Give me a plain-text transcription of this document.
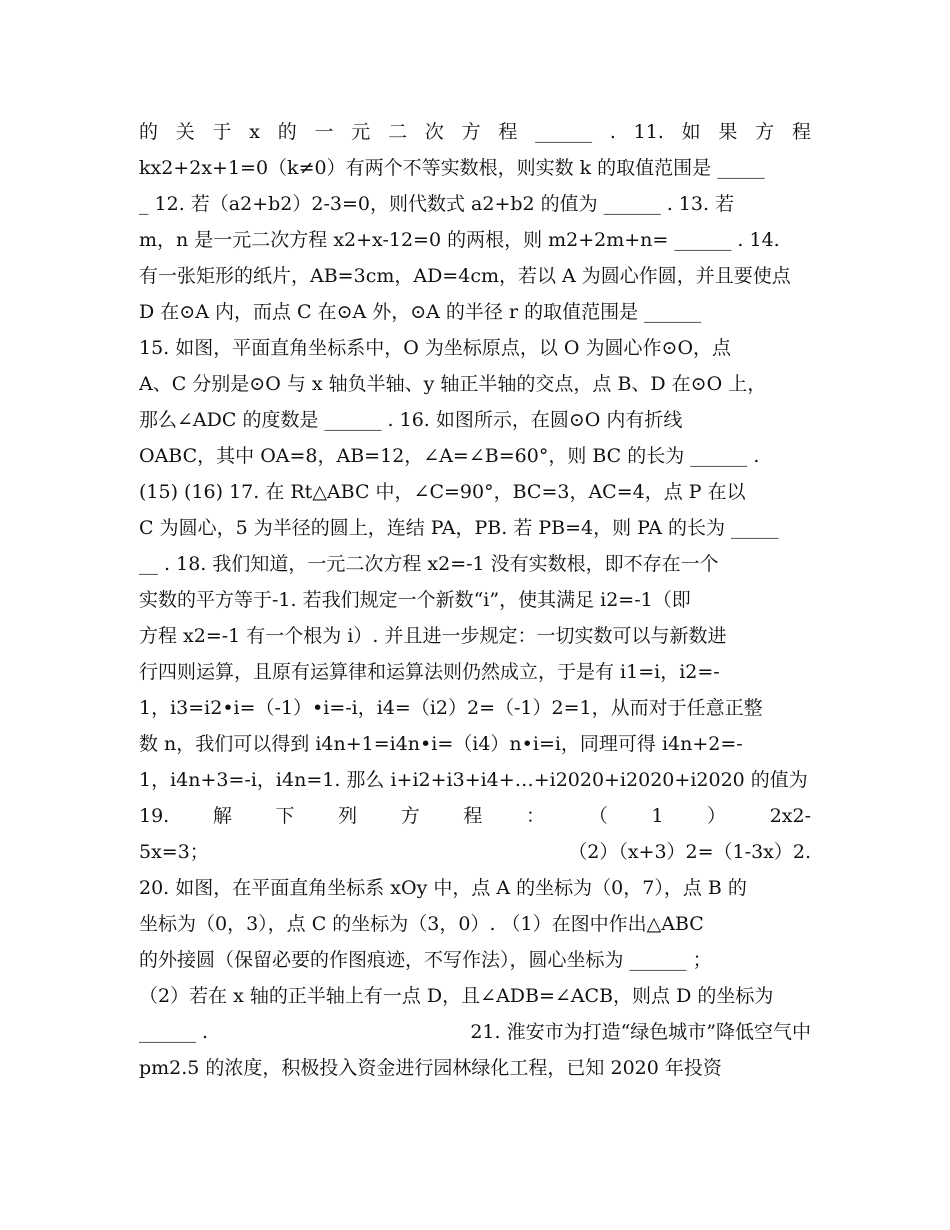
的 关 于 x 的 一 元 二 次 方 程 ______ . 11. 如 果 方 程
kx2+2x+1=0（k≠0）有两个不等实数根，则实数 k 的取值范围是 _____
_ 12. 若（a2+b2）2-3=0，则代数式 a2+b2 的值为 ______ . 13. 若
m，n 是一元二次方程 x2+x-12=0 的两根，则 m2+2m+n= ______ . 14.
有一张矩形的纸片，AB=3cm，AD=4cm，若以 A 为圆心作圆，并且要使点
D 在⊙A 内，而点 C 在⊙A 外，⊙A 的半径 r 的取值范围是 ______
15. 如图，平面直角坐标系中，O 为坐标原点，以 O 为圆心作⊙O，点
A、C 分别是⊙O 与 x 轴负半轴、y 轴正半轴的交点，点 B、D 在⊙O 上，
那么∠ADC 的度数是 ______ . 16. 如图所示，在圆⊙O 内有折线
OABC，其中 OA=8，AB=12，∠A=∠B=60°，则 BC 的长为 ______ .
(15) (16) 17. 在 Rt△ABC 中，∠C=90°，BC=3，AC=4，点 P 在以
C 为圆心，5 为半径的圆上，连结 PA，PB. 若 PB=4，则 PA 的长为 _____
__ . 18. 我们知道，一元二次方程 x2=-1 没有实数根，即不存在一个
实数的平方等于-1. 若我们规定一个新数“i”，使其满足 i2=-1（即
方程 x2=-1 有一个根为 i）. 并且进一步规定：一切实数可以与新数进
行四则运算，且原有运算律和运算法则仍然成立，于是有 i1=i，i2=-
1，i3=i2•i=（-1）•i=-i，i4=（i2）2=（-1）2=1，从而对于任意正整
数 n，我们可以得到 i4n+1=i4n•i=（i4）n•i=i，同理可得 i4n+2=-
1，i4n+3=-i，i4n=1. 那么 i+i2+i3+i4+…+i2020+i2020+i2020 的值为
19. 解 下 列 方 程 ： （ 1 ） 2x2-
5x=3；	（2）（x+3）2=（1-3x）2.
20. 如图，在平面直角坐标系 xOy 中，点 A 的坐标为（0，7），点 B 的
坐标为（0，3），点 C 的坐标为（3，0）. （1）在图中作出△ABC
的外接圆（保留必要的作图痕迹，不写作法），圆心坐标为 ______ ；
（2）若在 x 轴的正半轴上有一点 D，且∠ADB=∠ACB，则点 D 的坐标为
______ .	21. 淮安市为打造“绿色城市”降低空气中
pm2.5 的浓度，积极投入资金进行园林绿化工程，已知 2020 年投资
